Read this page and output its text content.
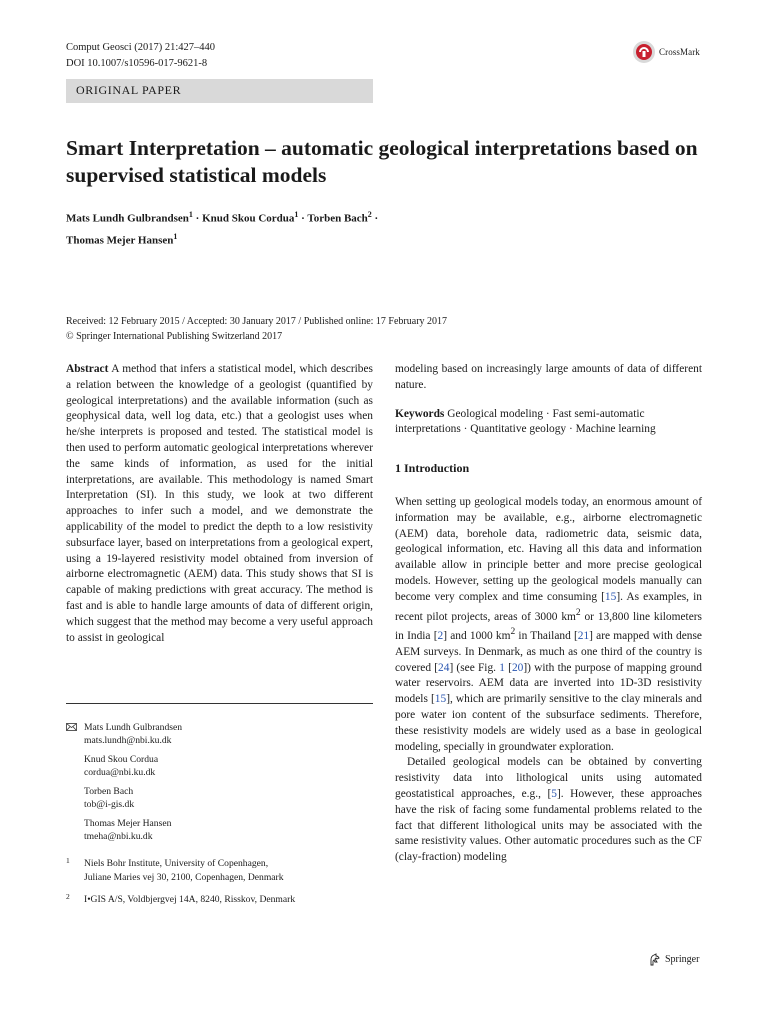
Comput Geosci (2017) 21:427–440
DOI 10.1007/s10596-017-9621-8
CrossMark
ORIGINAL PAPER
Smart Interpretation – automatic geological interpretations based on supervised statistical models
Mats Lundh Gulbrandsen$^1$ · Knud Skou Cordua$^1$ · Torben Bach$^2$ ·
Thomas Mejer Hansen$^1$
Received: 12 February 2015 / Accepted: 30 January 2017 / Published online: 17 February 2017
© Springer International Publishing Switzerland 2017
Abstract A method that infers a statistical model, which describes a relation between the knowledge of a geologist (quantified by geological interpretations) and the available information (such as geophysical data, well log data, etc.) that a geologist uses when he/she interprets is proposed and tested. The statistical model is then used to perform automatic geological interpretations wherever the same kinds of information, as used for the initial interpretations, are available. This methodology is named Smart Interpretation (SI). In this study, we look at two different approaches to infer such a model, and we demonstrate the applicability of the model to predict the depth to a low resistivity subsurface layer, based on interpretations from a geological expert, using a 19-layered resistivity model obtained from inversion of airborne electromagnetic (AEM) data. This study shows that SI is capable of making predictions with great accuracy. The method is fast and is able to handle large amounts of data of different origin, which suggest that the method may become a very useful approach to assist in geological
Mats Lundh Gulbrandsen
mats.lundh@nbi.ku.dk
Knud Skou Cordua
cordua@nbi.ku.dk
Torben Bach
tob@i-gis.dk
Thomas Mejer Hansen
tmeha@nbi.ku.dk
1 Niels Bohr Institute, University of Copenhagen,
Juliane Maries vej 30, 2100, Copenhagen, Denmark
2 I•GIS A/S, Voldbjergvej 14A, 8240, Risskov, Denmark

modeling based on increasingly large amounts of data of different nature.

Keywords Geological modeling · Fast semi-automatic interpretations · Quantitative geology · Machine learning

1 Introduction

When setting up geological models today, an enormous amount of information may be available, e.g., airborne electromagnetic (AEM) data, borehole data, radiometric data, seismic data, geological information, etc. Having all this data and information available allow in principle better and more precise geological models. However, setting up the geological models manually can become very complex and time consuming [15]. As examples, in recent pilot projects, areas of 3000 $km^2$ or 13,800 line kilometers in India [2] and 1000 $km^2$ in Thailand [21] are mapped with dense AEM surveys. In Denmark, as much as one third of the country is covered [24] (see Fig. 1 [20]) with the purpose of mapping ground water reservoirs. AEM data are inverted into 1D-3D resistivity models [15], which are primarily sensitive to the clay minerals and pore water ion content of the subsurface sediments. Therefore, these resistivity models are widely used as a base in geological modeling, specially in groundwater exploration.

Detailed geological models can be obtained by converting resistivity data into lithological units using automated geostatistical approaches, e.g., [5]. However, these approaches have the risk of facing some fundamental problems related to the fact that different lithological units may be associated with the same resistivity values. Other automatic procedures such as the CF (clay-fraction) modeling

Springer
